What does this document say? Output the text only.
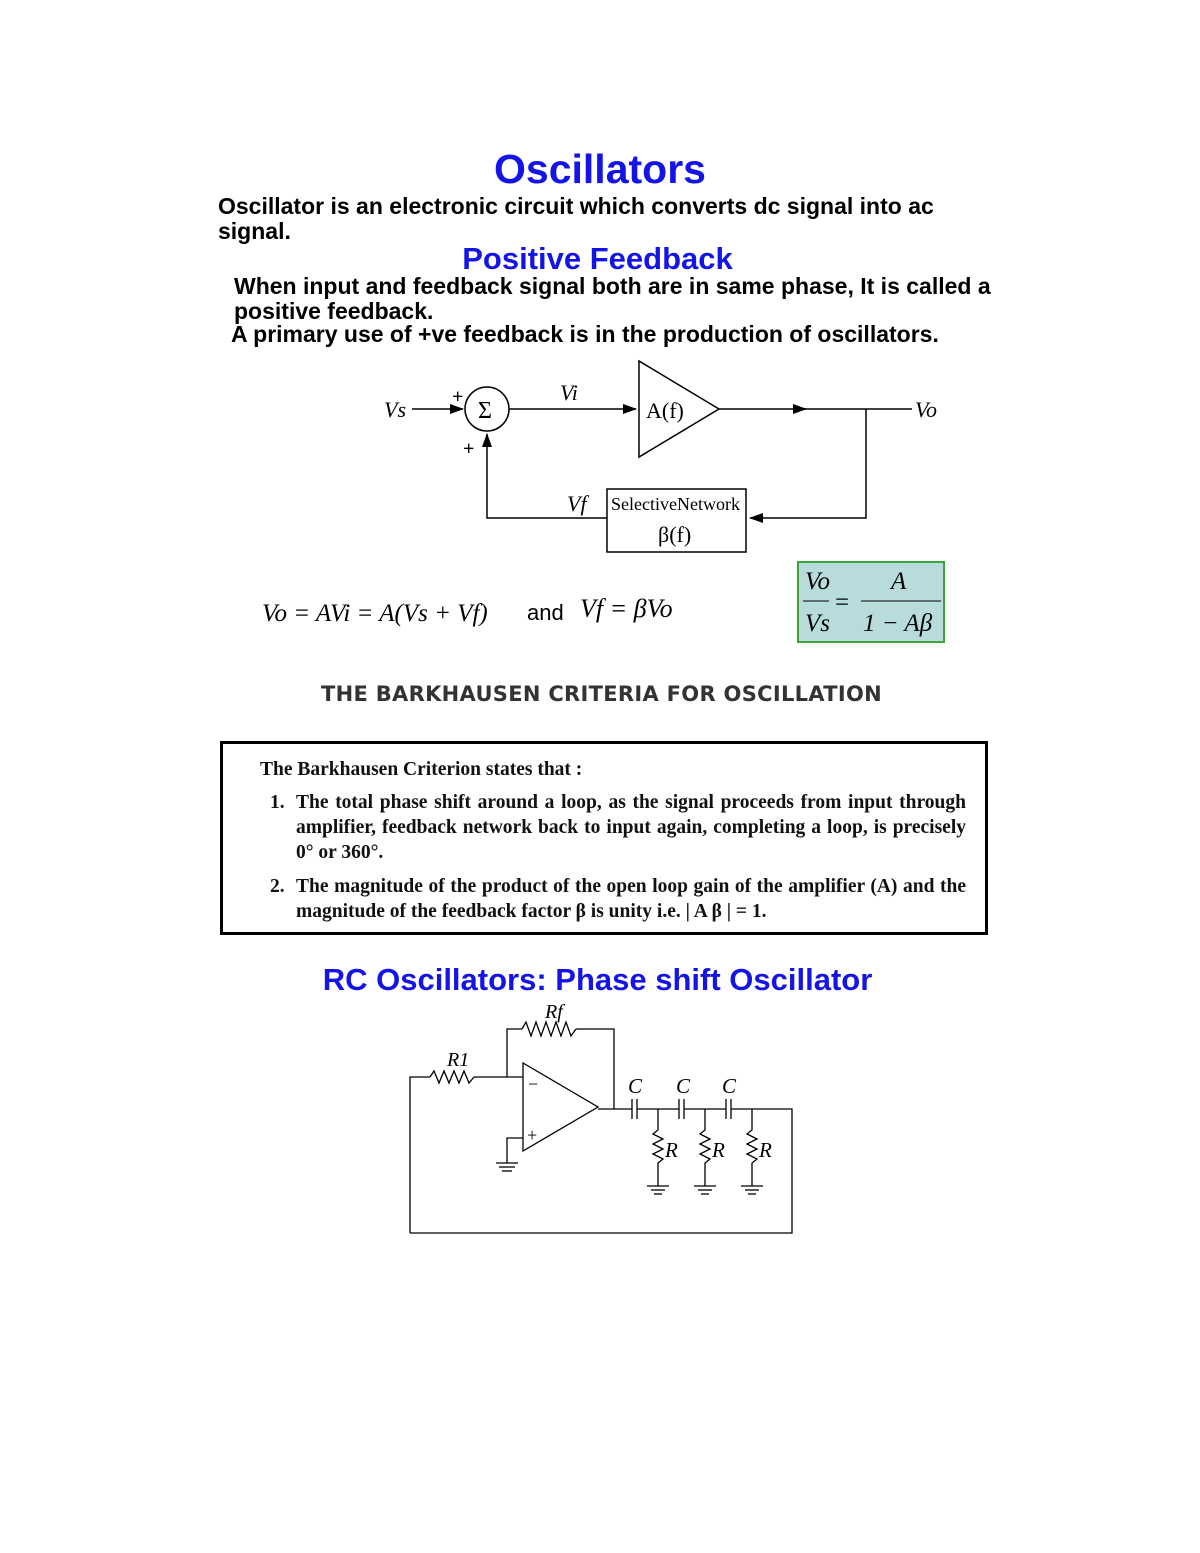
Oscillators
Oscillator is an electronic circuit which converts dc signal into ac signal.
Positive Feedback
When input and feedback signal both are in same phase, It is called a positive feedback.
A primary use of +ve feedback is in the production of oscillators.
Vs +
Σ
+
Vi
A(f)	Vo
SelectiveNetwork
β(f)
Vf
Vo = AVi = A(Vs + Vf) and Vf = βVo
Vo
Vs
=
A
1 − Aβ
THE BARKHAUSEN CRITERIA FOR OSCILLATION
The Barkhausen Criterion states that :
1. The total phase shift around a loop, as the signal proceeds from input through amplifier, feedback network back to input again, completing a loop, is precisely 0° or 360°.
2. The magnitude of the product of the open loop gain of the amplifier (A) and the magnitude of the feedback factor β is unity i.e. | A β | = 1.
RC Oscillators: Phase shift Oscillator
Rf
R1
−
+
C C C
R R R
